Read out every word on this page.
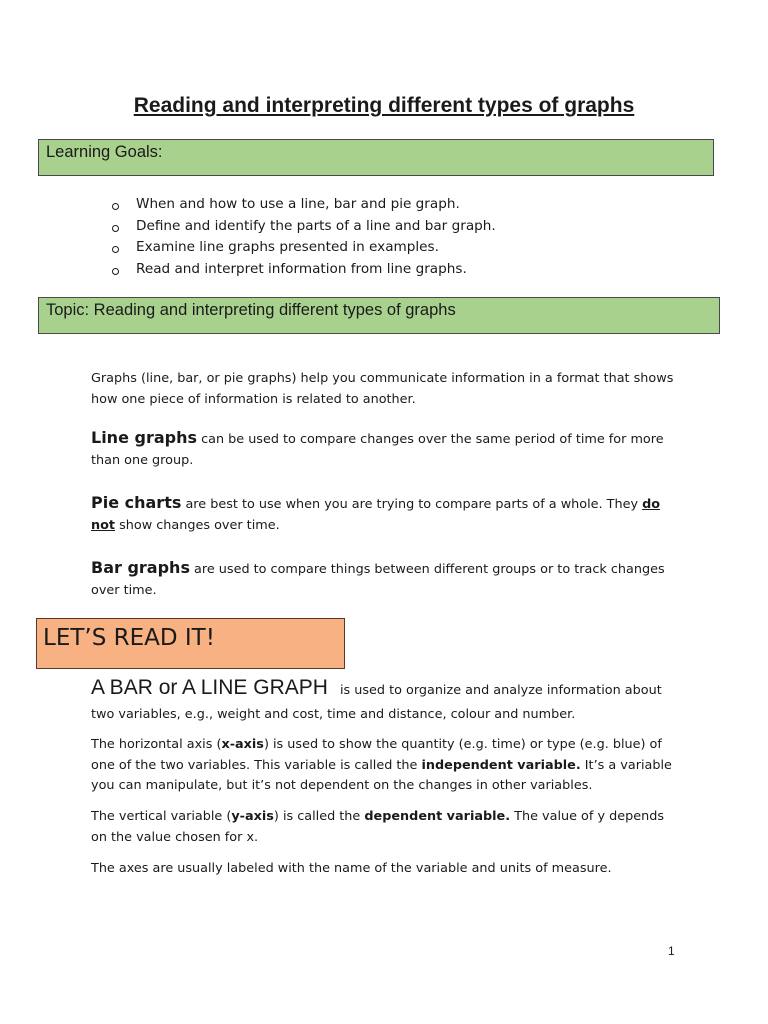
Reading and interpreting different types of graphs
Learning Goals:
When and how to use a line, bar and pie graph.
Define and identify the parts of a line and bar graph.
Examine line graphs presented in examples.
Read and interpret information from line graphs.
Topic: Reading and interpreting different types of graphs

Graphs (line, bar, or pie graphs) help you communicate information in a format that shows how one piece of information is related to another.

Line graphs can be used to compare changes over the same period of time for more than one group.

Pie charts are best to use when you are trying to compare parts of a whole. They do not show changes over time.

Bar graphs are used to compare things between different groups or to track changes over time.

LET’S READ IT!

A BAR or A LINE GRAPH is used to organize and analyze information about two variables, e.g., weight and cost, time and distance, colour and number.

The horizontal axis (x-axis) is used to show the quantity (e.g. time) or type (e.g. blue) of one of the two variables. This variable is called the independent variable. It’s a variable you can manipulate, but it’s not dependent on the changes in other variables.

The vertical variable (y-axis) is called the dependent variable. The value of y depends on the value chosen for x.

The axes are usually labeled with the name of the variable and units of measure.

1
